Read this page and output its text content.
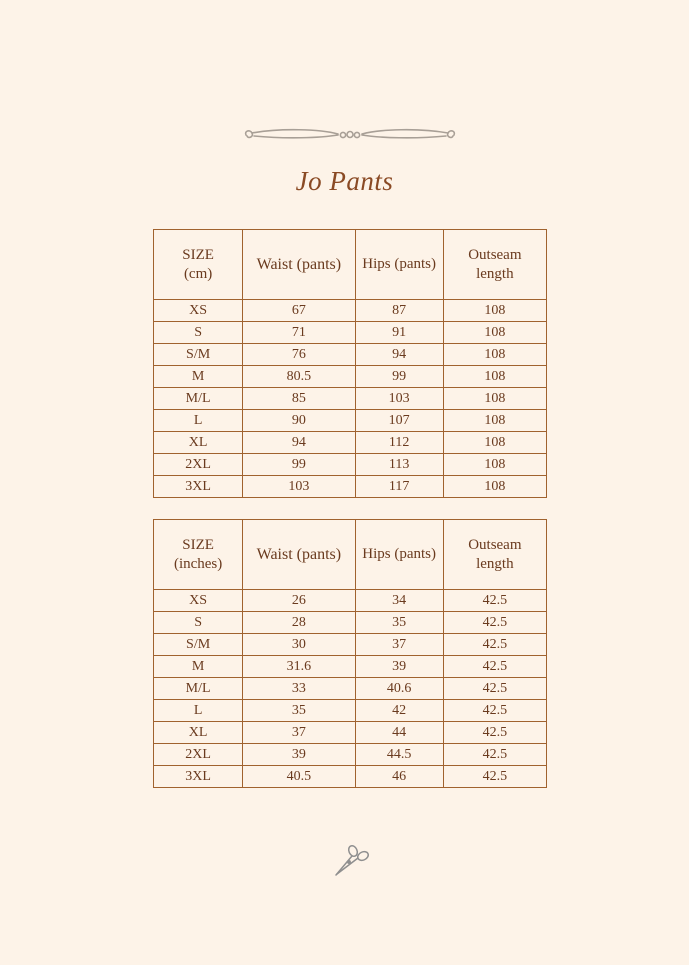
Jo Pants
SIZE
(cm)	Waist (pants)	Hips (pants)	Outseam
length
XS	67	87	108
S	71	91	108
S/M	76	94	108
M	80.5	99	108
M/L	85	103	108
L	90	107	108
XL	94	112	108
2XL	99	113	108
3XL	103	117	108
SIZE
(inches)	Waist (pants)	Hips (pants)	Outseam
length
XS	26	34	42.5
S	28	35	42.5
S/M	30	37	42.5
M	31.6	39	42.5
M/L	33	40.6	42.5
L	35	42	42.5
XL	37	44	42.5
2XL	39	44.5	42.5
3XL	40.5	46	42.5
